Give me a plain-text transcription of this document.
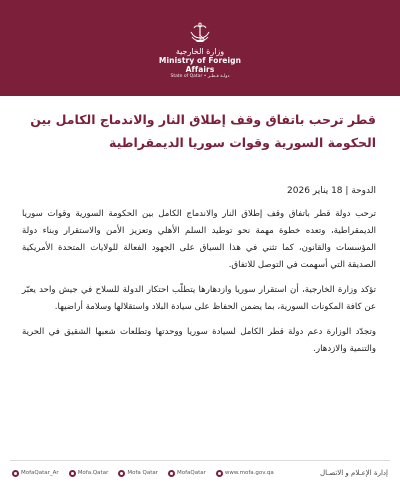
وزارة الخارجية
Ministry of Foreign Affairs
State of Qatar • دولـة قـطـر
قطر ترحب باتفاق وقف إطلاق النار والاندماج الكامل بين الحكومة السورية وقوات سوريا الديمقراطية
الدوحة | 18 يناير 2026

ترحب دولة قطر باتفاق وقف إطلاق النار والاندماج الكامل بين الحكومة السورية وقوات سوريا الديمقراطية، وتعده خطوة مهمة نحو توطيد السلم الأهلي وتعزيز الأمن والاستقرار وبناء دولة المؤسسات والقانون، كما تثني في هذا السياق على الجهود الفعالة للولايات المتحدة الأمريكية الصديقة التي أسهمت في التوصل للاتفاق.

تؤكد وزارة الخارجية، أن استقرار سوريا وازدهارها يتطلّب احتكار الدولة للسلاح في جيش واحد يعبّر عن كافة المكونات السورية، بما يضمن الحفاظ على سيادة البلاد واستقلالها وسلامة أراضيها.

وتجدّد الوزارة دعم دولة قطر الكامل لسيادة سوريا ووحدتها وتطلعات شعبها الشقيق في الحرية والتنمية والازدهار.

MofaQatar_Ar	Mofa.Qatar	Mofa Qatar	MofaQatar	www.mofa.gov.qa	إدارة الإعـلام و الاتصـال
